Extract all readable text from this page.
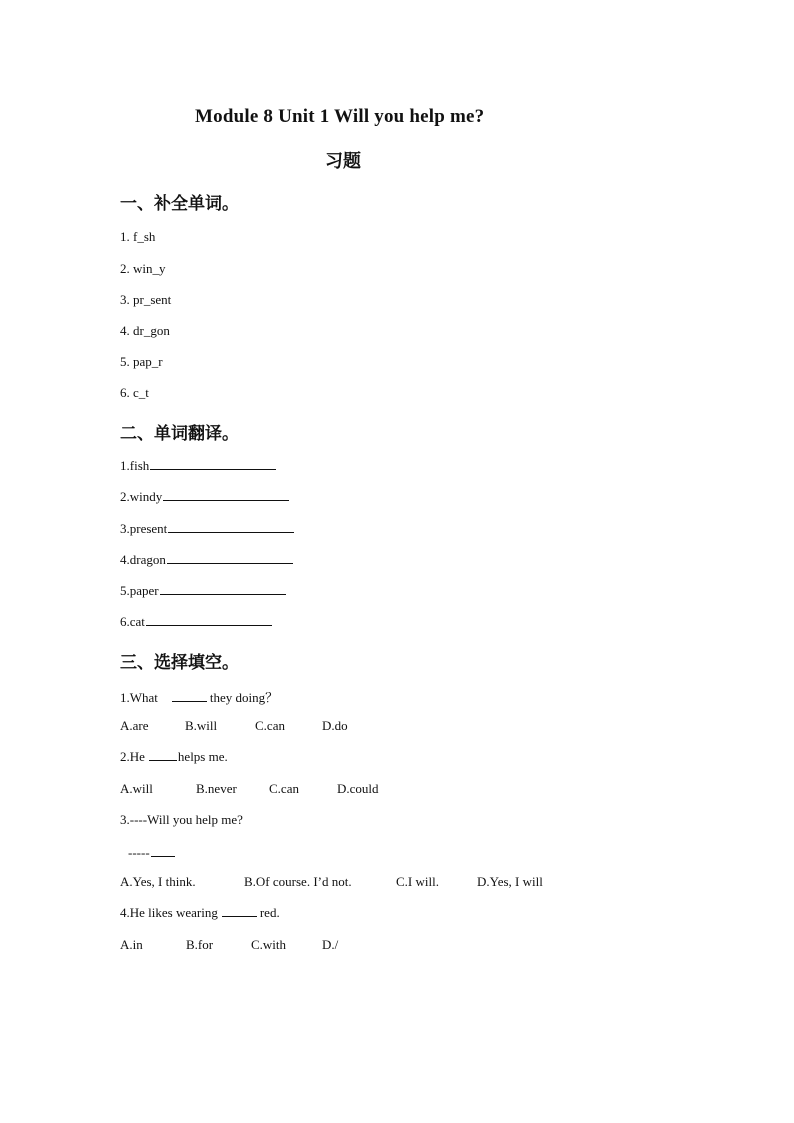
Module 8 Unit 1 Will you help me?
习题
一、补全单词。
1. f_sh
2. win_y
3. pr_sent
4. dr_gon
5. pap_r
6. c_t
二、单词翻译。
1.fish
2.windy
3.present
4.dragon
5.paper
6.cat
三、选择填空。
1.What	they doing？
A.are	B.will	C.can	D.do
2.He	helps me.
A.will	B.never C.can	D.could
3.----Will you help me?
-----
A.Yes, I think.	B.Of course. I’d not.	C.I will.	D.Yes, I will
4.He likes wearing	red.
A.in	B.for	C.with	D./
